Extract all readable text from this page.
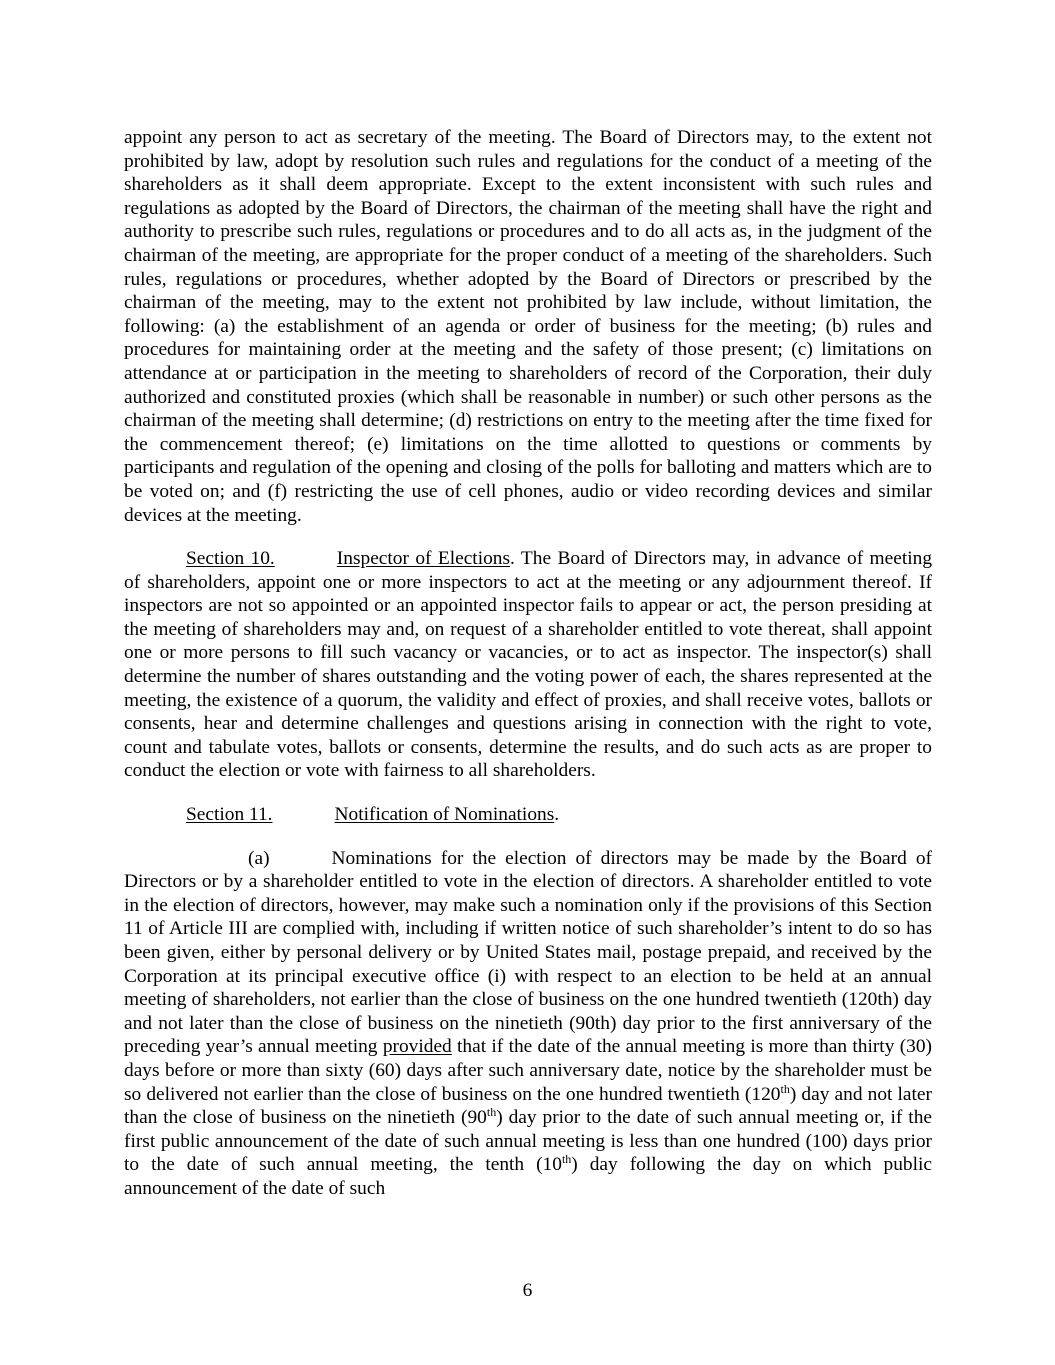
appoint any person to act as secretary of the meeting. The Board of Directors may, to the extent not prohibited by law, adopt by resolution such rules and regulations for the conduct of a meeting of the shareholders as it shall deem appropriate. Except to the extent inconsistent with such rules and regulations as adopted by the Board of Directors, the chairman of the meeting shall have the right and authority to prescribe such rules, regulations or procedures and to do all acts as, in the judgment of the chairman of the meeting, are appropriate for the proper conduct of a meeting of the shareholders. Such rules, regulations or procedures, whether adopted by the Board of Directors or prescribed by the chairman of the meeting, may to the extent not prohibited by law include, without limitation, the following: (a) the establishment of an agenda or order of business for the meeting; (b) rules and procedures for maintaining order at the meeting and the safety of those present; (c) limitations on attendance at or participation in the meeting to shareholders of record of the Corporation, their duly authorized and constituted proxies (which shall be reasonable in number) or such other persons as the chairman of the meeting shall determine; (d) restrictions on entry to the meeting after the time fixed for the commencement thereof; (e) limitations on the time allotted to questions or comments by participants and regulation of the opening and closing of the polls for balloting and matters which are to be voted on; and (f) restricting the use of cell phones, audio or video recording devices and similar devices at the meeting.

Section 10.	Inspector of Elections. The Board of Directors may, in advance of meeting of shareholders, appoint one or more inspectors to act at the meeting or any adjournment thereof. If inspectors are not so appointed or an appointed inspector fails to appear or act, the person presiding at the meeting of shareholders may and, on request of a shareholder entitled to vote thereat, shall appoint one or more persons to fill such vacancy or vacancies, or to act as inspector. The inspector(s) shall determine the number of shares outstanding and the voting power of each, the shares represented at the meeting, the existence of a quorum, the validity and effect of proxies, and shall receive votes, ballots or consents, hear and determine challenges and questions arising in connection with the right to vote, count and tabulate votes, ballots or consents, determine the results, and do such acts as are proper to conduct the election or vote with fairness to all shareholders.

Section 11.	Notification of Nominations.

(a)	Nominations for the election of directors may be made by the Board of Directors or by a shareholder entitled to vote in the election of directors. A shareholder entitled to vote in the election of directors, however, may make such a nomination only if the provisions of this Section 11 of Article III are complied with, including if written notice of such shareholder’s intent to do so has been given, either by personal delivery or by United States mail, postage prepaid, and received by the Corporation at its principal executive office (i) with respect to an election to be held at an annual meeting of shareholders, not earlier than the close of business on the one hundred twentieth (120th) day and not later than the close of business on the ninetieth (90th) day prior to the first anniversary of the preceding year’s annual meeting provided that if the date of the annual meeting is more than thirty (30) days before or more than sixty (60) days after such anniversary date, notice by the shareholder must be so delivered not earlier than the close of business on the one hundred twentieth (120th) day and not later than the close of business on the ninetieth (90th) day prior to the date of such annual meeting or, if the first public announcement of the date of such annual meeting is less than one hundred (100) days prior to the date of such annual meeting, the tenth (10th) day following the day on which public announcement of the date of such

6
